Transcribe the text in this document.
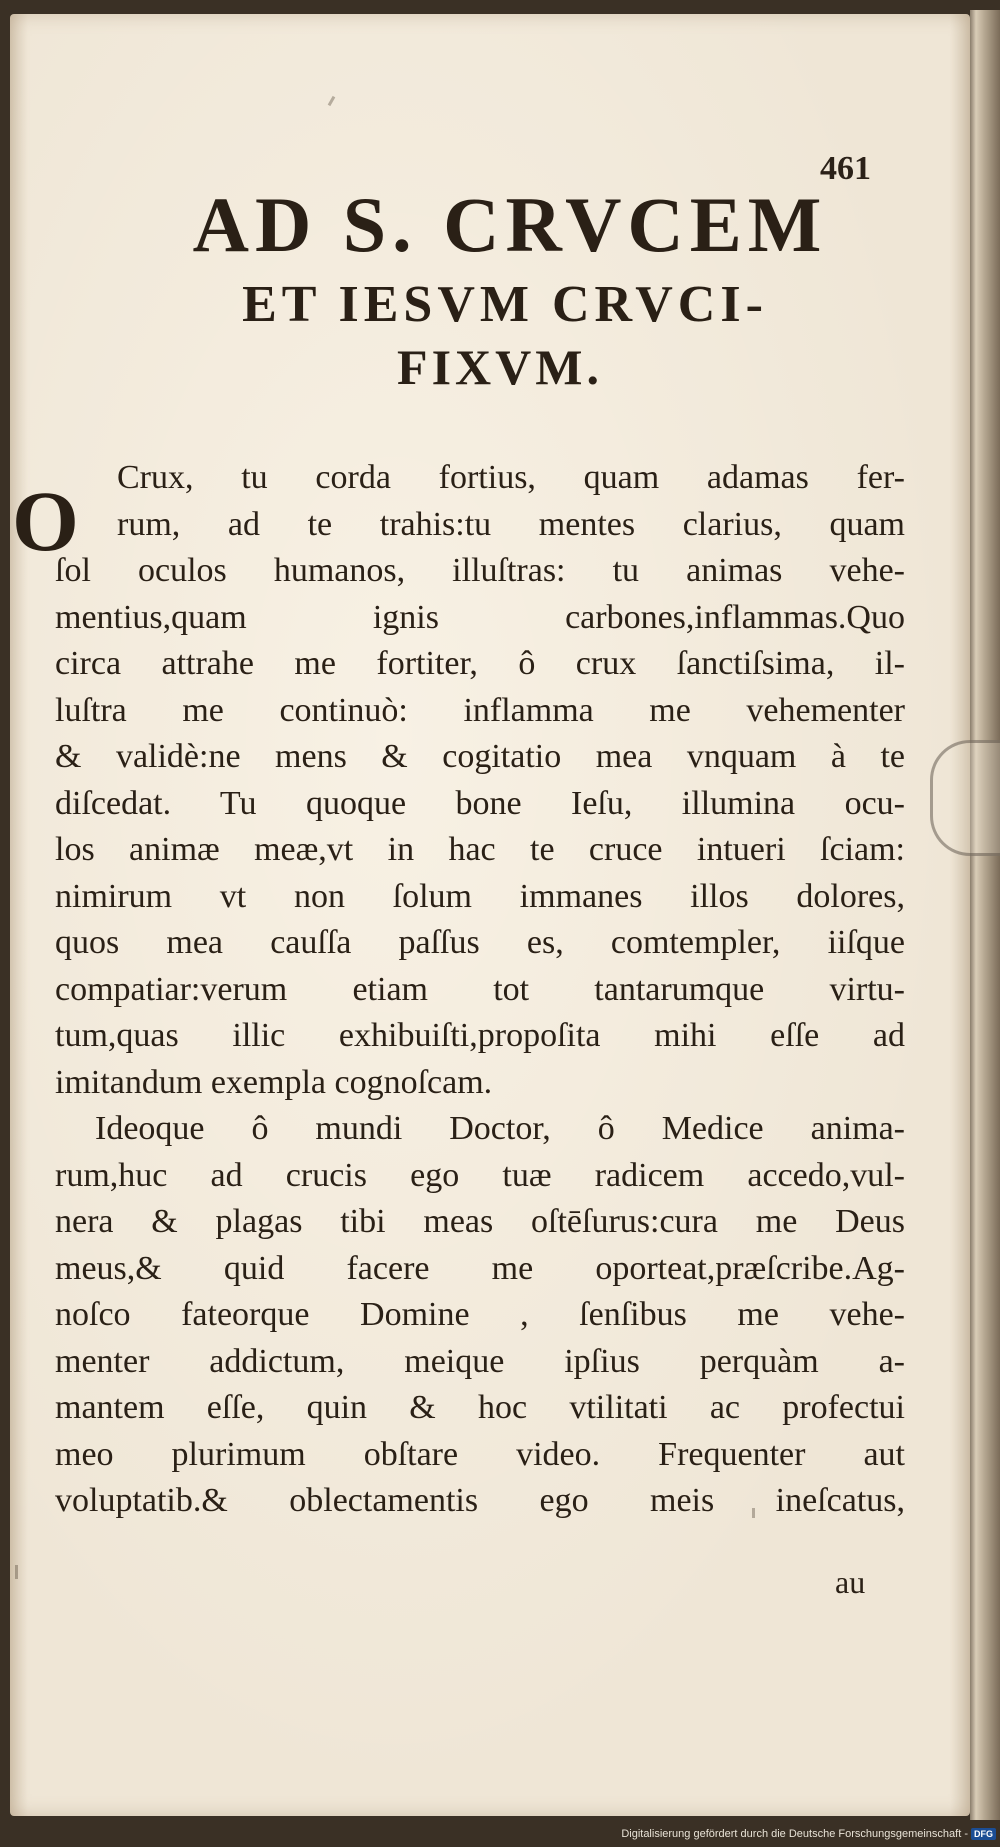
461
AD S. CRVCEM
ET IESVM CRVCI-
FIXVM.
O	Crux, tu corda fortius, quam adamas fer-
rum, ad te trahis:tu mentes clarius, quam
ſol oculos humanos, illuſtras: tu animas vehe-
mentius,quam ignis carbones,inflammas.Quo
circa attrahe me fortiter, ô crux ſanctiſsima, il-
luſtra me continuò: inflamma me vehementer
& validè:ne mens & cogitatio mea vnquam à te
diſcedat. Tu quoque bone Ieſu, illumina ocu-
los animæ meæ,vt in hac te cruce intueri ſciam:
nimirum vt non ſolum immanes illos dolores,
quos mea cauſſa paſſus es, comtempler, iiſque
compatiar:verum etiam tot tantarumque virtu-
tum,quas illic exhibuiſti,propoſita mihi eſſe ad
imitandum exempla cognoſcam.
Ideoque ô mundi Doctor, ô Medice anima-
rum,huc ad crucis ego tuæ radicem accedo,vul-
nera & plagas tibi meas oſtēſurus:cura me Deus
meus,& quid facere me oporteat,præſcribe.Ag-
noſco fateorque Domine , ſenſibus me vehe-
menter addictum, meique ipſius perquàm a-
mantem eſſe, quin & hoc vtilitati ac profectui
meo plurimum obſtare video. Frequenter aut
voluptatib.& oblectamentis ego meis ineſcatus,
au
Digitalisierung gefördert durch die Deutsche Forschungsgemeinschaft - DFG
